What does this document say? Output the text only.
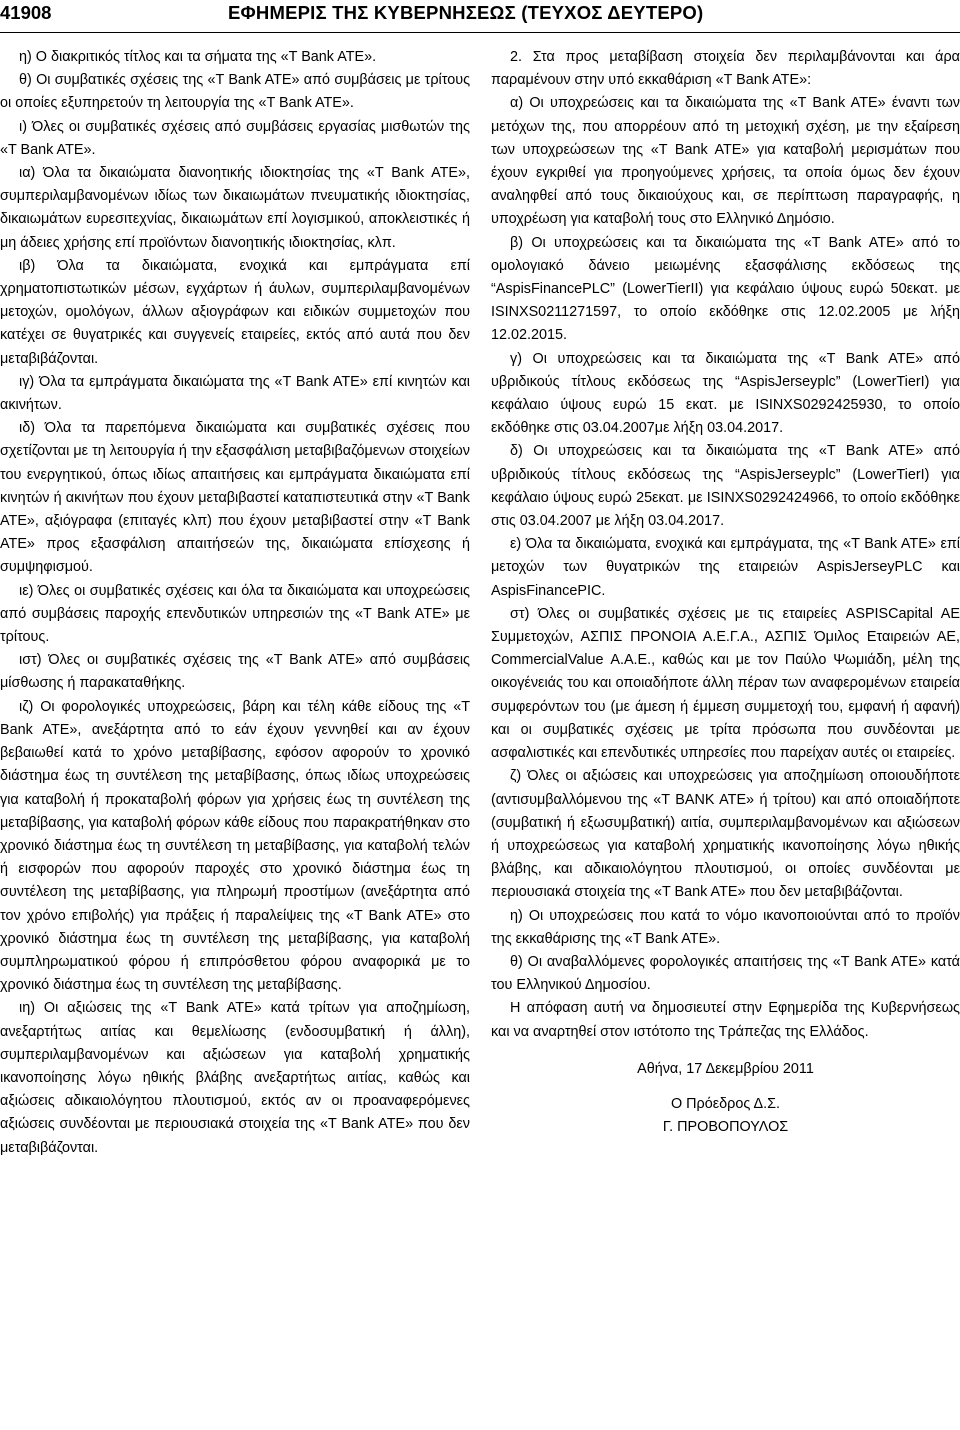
41908	ΕΦΗΜΕΡΙΣ ΤΗΣ ΚΥΒΕΡΝΗΣΕΩΣ (ΤΕΥΧΟΣ ΔΕΥΤΕΡΟ)

η) Ο διακριτικός τίτλος και τα σήματα της «T Bank ATE».

θ) Οι συμβατικές σχέσεις της «T Bank ATE» από συμβάσεις με τρίτους οι οποίες εξυπηρετούν τη λειτουργία της «T Bank ATE».

ι) Όλες οι συμβατικές σχέσεις από συμβάσεις εργασίας μισθωτών της «T Bank ATE».

ια) Όλα τα δικαιώματα διανοητικής ιδιοκτησίας της «T Bank ATE», συμπεριλαμβανομένων ιδίως των δικαιωμάτων πνευματικής ιδιοκτησίας, δικαιωμάτων ευρεσιτεχνίας, δικαιωμάτων επί λογισμικού, αποκλειστικές ή μη άδειες χρήσης επί προϊόντων διανοητικής ιδιοκτησίας, κλπ.

ιβ) Όλα τα δικαιώματα, ενοχικά και εμπράγματα επί χρηματοπιστωτικών μέσων, εγχάρτων ή άυλων, συμπεριλαμβανομένων μετοχών, ομολόγων, άλλων αξιογράφων και ειδικών συμμετοχών που κατέχει σε θυγατρικές και συγγενείς εταιρείες, εκτός από αυτά που δεν μεταβιβάζονται.

ιγ) Όλα τα εμπράγματα δικαιώματα της «T Bank ATE» επί κινητών και ακινήτων.

ιδ) Όλα τα παρεπόμενα δικαιώματα και συμβατικές σχέσεις που σχετίζονται με τη λειτουργία ή την εξασφάλιση μεταβιβαζόμενων στοιχείων του ενεργητικού, όπως ιδίως απαιτήσεις και εμπράγματα δικαιώματα επί κινητών ή ακινήτων που έχουν μεταβιβαστεί καταπιστευτικά στην «T Bank ATE», αξιόγραφα (επιταγές κλπ) που έχουν μεταβιβαστεί στην «T Bank ATE» προς εξασφάλιση απαιτήσεών της, δικαιώματα επίσχεσης ή συμψηφισμού.

ιε) Όλες οι συμβατικές σχέσεις και όλα τα δικαιώματα και υποχρεώσεις από συμβάσεις παροχής επενδυτικών υπηρεσιών της «T Bank ATE» με τρίτους.

ιστ) Όλες οι συμβατικές σχέσεις της «T Bank ATE» από συμβάσεις μίσθωσης ή παρακαταθήκης.

ιζ) Οι φορολογικές υποχρεώσεις, βάρη και τέλη κάθε είδους της «T Bank ATE», ανεξάρτητα από το εάν έχουν γεννηθεί και αν έχουν βεβαιωθεί κατά το χρόνο μεταβίβασης, εφόσον αφορούν το χρονικό διάστημα έως τη συντέλεση της μεταβίβασης, όπως ιδίως υποχρεώσεις για καταβολή ή προκαταβολή φόρων για χρήσεις έως τη συντέλεση της μεταβίβασης, για καταβολή φόρων κάθε είδους που παρακρατήθηκαν στο χρονικό διάστημα έως τη συντέλεση τη μεταβίβασης, για καταβολή τελών ή εισφορών που αφορούν παροχές στο χρονικό διάστημα έως τη συντέλεση της μεταβίβασης, για πληρωμή προστίμων (ανεξάρτητα από τον χρόνο επιβολής) για πράξεις ή παραλείψεις της «T Bank ATE» στο χρονικό διάστημα έως τη συντέλεση της μεταβίβασης, για καταβολή συμπληρωματικού φόρου ή επιπρόσθετου φόρου αναφορικά με το χρονικό διάστημα έως τη συντέλεση της μεταβίβασης.

ιη) Οι αξιώσεις της «T Bank ATE» κατά τρίτων για αποζημίωση, ανεξαρτήτως αιτίας και θεμελίωσης (ενδοσυμβατική ή άλλη), συμπεριλαμβανομένων και αξιώσεων για καταβολή χρηματικής ικανοποίησης λόγω ηθικής βλάβης ανεξαρτήτως αιτίας, καθώς και αξιώσεις αδικαιολόγητου πλουτισμού, εκτός αν οι προαναφερόμενες αξιώσεις συνδέονται με περιουσιακά στοιχεία της «T Bank ATE» που δεν μεταβιβάζονται.

2. Στα προς μεταβίβαση στοιχεία δεν περιλαμβάνονται και άρα παραμένουν στην υπό εκκαθάριση «T Bank ATE»:

α) Οι υποχρεώσεις και τα δικαιώματα της «T Bank ATE» έναντι των μετόχων της, που απορρέουν από τη μετοχική σχέση, με την εξαίρεση των υποχρεώσεων της «T Bank ATE» για καταβολή μερισμάτων που έχουν εγκριθεί για προηγούμενες χρήσεις, τα οποία όμως δεν έχουν αναληφθεί από τους δικαιούχους και, σε περίπτωση παραγραφής, η υποχρέωση για καταβολή τους στο Ελληνικό Δημόσιο.

β) Οι υποχρεώσεις και τα δικαιώματα της «T Bank ATE» από το ομολογιακό δάνειο μειωμένης εξασφάλισης εκδόσεως της “AspisFinancePLC” (LowerTierII) για κεφάλαιο ύψους ευρώ 50εκατ. με ISINXS0211271597, το οποίο εκδόθηκε στις 12.02.2005 με λήξη 12.02.2015.

γ) Οι υποχρεώσεις και τα δικαιώματα της «T Bank ATE» από υβριδικούς τίτλους εκδόσεως της “AspisJerseyplc” (LowerTierI) για κεφάλαιο ύψους ευρώ 15 εκατ. με ISINXS0292425930, το οποίο εκδόθηκε στις 03.04.2007με λήξη 03.04.2017.

δ) Οι υποχρεώσεις και τα δικαιώματα της «T Bank ATE» από υβριδικούς τίτλους εκδόσεως της “AspisJerseyplc” (LowerTierI) για κεφάλαιο ύψους ευρώ 25εκατ. με ISINXS0292424966, το οποίο εκδόθηκε στις 03.04.2007 με λήξη 03.04.2017.

ε) Όλα τα δικαιώματα, ενοχικά και εμπράγματα, της «T Bank ATE» επί μετοχών των θυγατρικών της εταιρειών AspisJerseyPLC και AspisFinancePIC.

στ) Όλες οι συμβατικές σχέσεις με τις εταιρείες ASPISCapital AE Συμμετοχών, ΑΣΠΙΣ ΠΡΟΝΟΙΑ Α.Ε.Γ.Α., ΑΣΠΙΣ Όμιλος Εταιρειών ΑΕ, CommercialValue Α.Α.Ε., καθώς και με τον Παύλο Ψωμιάδη, μέλη της οικογένειάς του και οποιαδήποτε άλλη πέραν των αναφερομένων εταιρεία συμφερόντων του (με άμεση ή έμμεση συμμετοχή του, εμφανή ή αφανή) και οι συμβατικές σχέσεις με τρίτα πρόσωπα που συνδέονται με ασφαλιστικές και επενδυτικές υπηρεσίες που παρείχαν αυτές οι εταιρείες.

ζ) Όλες οι αξιώσεις και υποχρεώσεις για αποζημίωση οποιουδήποτε (αντισυμβαλλόμενου της «T BANK ATE» ή τρίτου) και από οποιαδήποτε (συμβατική ή εξωσυμβατική) αιτία, συμπεριλαμβανομένων και αξιώσεων ή υποχρεώσεως για καταβολή χρηματικής ικανοποίησης λόγω ηθικής βλάβης, και αδικαιολόγητου πλουτισμού, οι οποίες συνδέονται με περιουσιακά στοιχεία της «T Bank ATE» που δεν μεταβιβάζονται.

η) Οι υποχρεώσεις που κατά το νόμο ικανοποιούνται από το προϊόν της εκκαθάρισης της «T Bank ATE».

θ) Οι αναβαλλόμενες φορολογικές απαιτήσεις της «T Bank ATE» κατά του Ελληνικού Δημοσίου.

Η απόφαση αυτή να δημοσιευτεί στην Εφημερίδα της Κυβερνήσεως και να αναρτηθεί στον ιστότοπο της Τράπεζας της Ελλάδος.

Αθήνα, 17 Δεκεμβρίου 2011
Ο Πρόεδρος Δ.Σ.
Γ. ΠΡΟΒΟΠΟΥΛΟΣ
